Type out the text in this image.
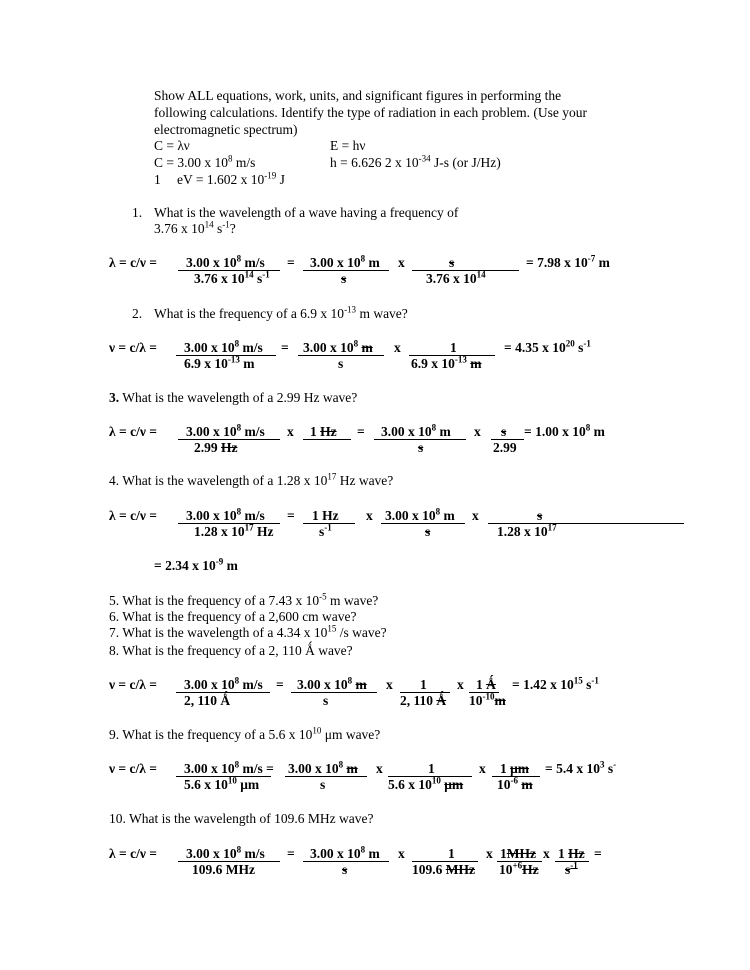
Show ALL equations, work, units, and significant figures in performing the
following calculations. Identify the type of radiation in each problem. (Use your
electromagnetic spectrum)
C = λν	E = hν
C = 3.00 x $10^8$ m/s	h = 6.626 2 x $10^{-34}$ J-s (or J/Hz)
1 eV = 1.602 x $10^{-19}$ J
1. What is the wavelength of a wave having a frequency of
3.76 x $10^{14}$ $s^{-1}$?
λ = c/ν = 3.00 x $10^8$ m/s
3.76 x $10^{14}$ $s^{-1}$
= 3.00 x $10^8$ m
s
x	s
3.76 x $10^{14}$
= 7.98 x $10^{-7}$ m
2. What is the frequency of a 6.9 x $10^{-13}$ m wave?
ν = c/λ = 3.00 x $10^8$ m/s
6.9 x $10^{-13}$ m
= 3.00 x $10^8$ m
s
x	1
6.9 x $10^{-13}$ m
= 4.35 x $10^{20}$ $s^{-1}$
3. What is the wavelength of a 2.99 Hz wave?
λ = c/ν = 3.00 x $10^8$ m/s
2.99 Hz
x 1 Hz = 3.00 x $10^8$ m
s
x s
2.99
= 1.00 x $10^8$ m
4. What is the wavelength of a 1.28 x $10^{17}$ Hz wave?
λ = c/ν = 3.00 x $10^8$ m/s
1.28 x $10^{17}$ Hz
= 1 Hz
$s^{-1}$
x 3.00 x $10^8$ m
s
x	s
1.28 x $10^{17}$
= 2.34 x $10^{-9}$ m
5. What is the frequency of a 7.43 x $10^{-5}$ m wave?
6. What is the frequency of a 2,600 cm wave?
7. What is the wavelength of a 4.34 x $10^{15}$ /s wave?
8. What is the frequency of a 2, 110 Ǻ wave?
ν = c/λ = 3.00 x $10^8$ m/s
2, 110 Ǻ
= 3.00 x $10^8$ m
s
x 1
2, 110 Ǻ
x 1 Ǻ
$10^{-10}m$
= 1.42 x $10^{15}$ $s^{-1}$
9. What is the frequency of a 5.6 x $10^{10}$ μm wave?
ν = c/λ = 3.00 x $10^8$ m/s =
5.6 x $10^{10}$ μm
3.00 x $10^8$ m
s
x	1
5.6 x $10^{10}$ μm
x 1 μm
$10^{-6}$ m
= 5.4 x $10^3$ s-
10. What is the wavelength of 109.6 MHz wave?
λ = c/ν = 3.00 x $10^8$ m/s
109.6 MHz
= 3.00 x $10^8$ m
s
x	1
109.6 MHz
x 1MHz
$10^{+6}Hz$
x 1 Hz
$s^{-1}$
=
